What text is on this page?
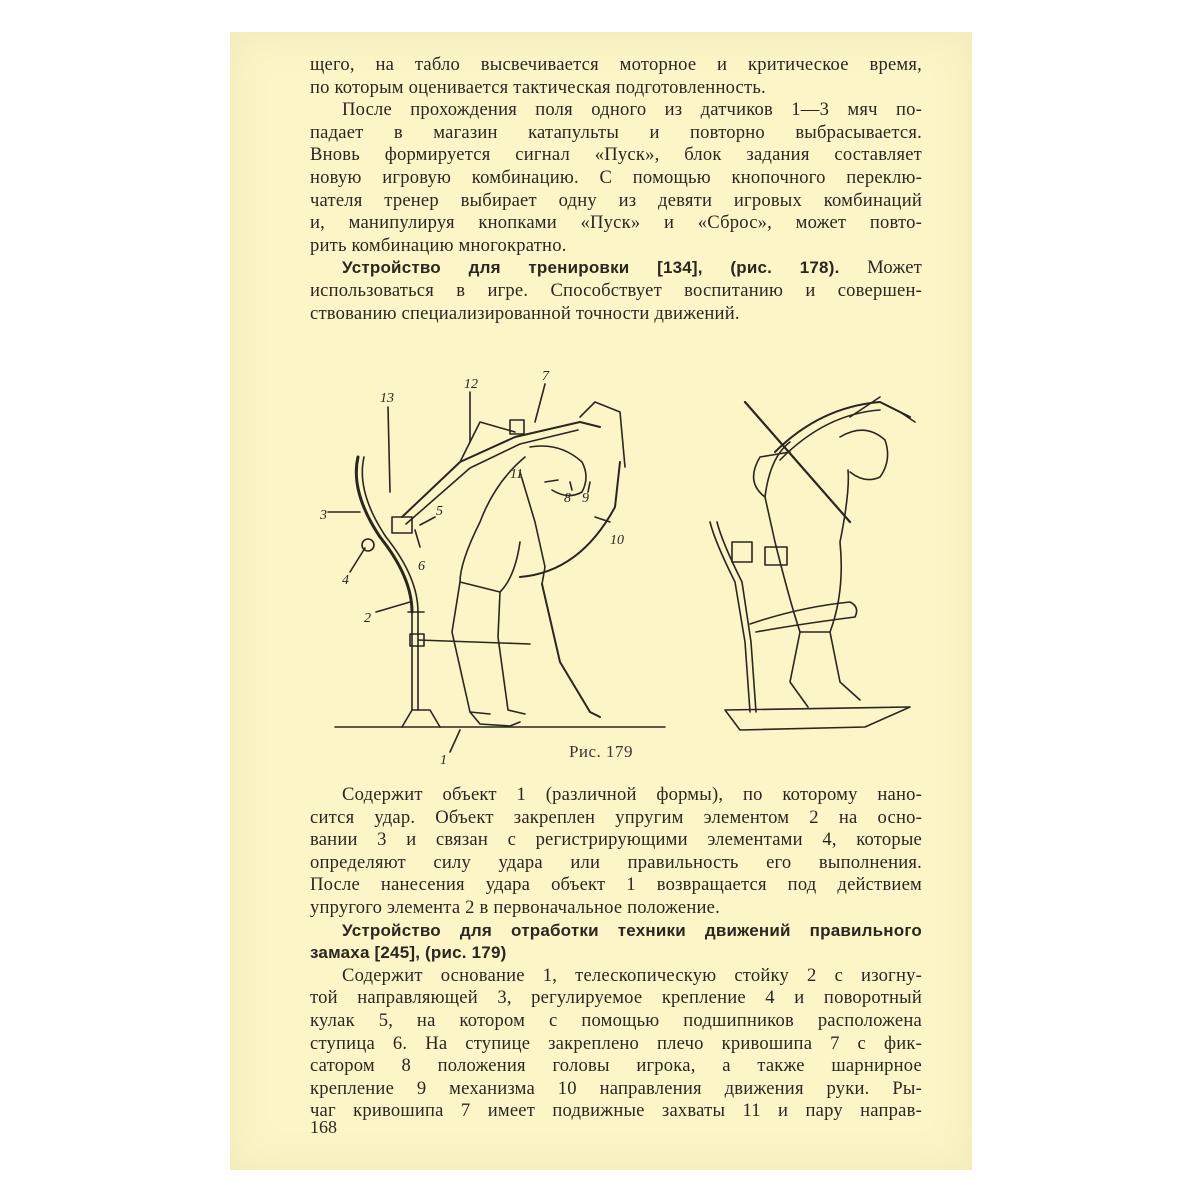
щего, на табло высвечивается моторное и критическое время,
по которым оценивается тактическая подготовленность.

После прохождения поля одного из датчиков 1—3 мяч по-
падает в магазин катапульты и повторно выбрасывается.
Вновь формируется сигнал «Пуск», блок задания составляет
новую игровую комбинацию. С помощью кнопочного переклю-
чателя тренер выбирает одну из девяти игровых комбинаций
и, манипулируя кнопками «Пуск» и «Сброс», может повто-
рить комбинацию многократно.

Устройство для тренировки [134], (рис. 178). Может
использоваться в игре. Способствует воспитанию и совершен-
ствованию специализированной точности движений.

3
4
2
6
5
13
12
7
11
8 9
10
1	Рис. 179

Содержит объект 1 (различной формы), по которому нано-
сится удар. Объект закреплен упругим элементом 2 на осно-
вании 3 и связан с регистрирующими элементами 4, которые
определяют силу удара или правильность его выполнения.
После нанесения удара объект 1 возвращается под действием
упругого элемента 2 в первоначальное положение.

Устройство для отработки техники движений правильного
замаха [245], (рис. 179)
Содержит основание 1, телескопическую стойку 2 с изогну-
той направляющей 3, регулируемое крепление 4 и поворотный
кулак 5, на котором с помощью подшипников расположена
ступица 6. На ступице закреплено плечо кривошипа 7 с фик-
сатором 8 положения головы игрока, а также шарнирное
крепление 9 механизма 10 направления движения руки. Ры-
чаг кривошипа 7 имеет подвижные захваты 11 и пару направ-

168
